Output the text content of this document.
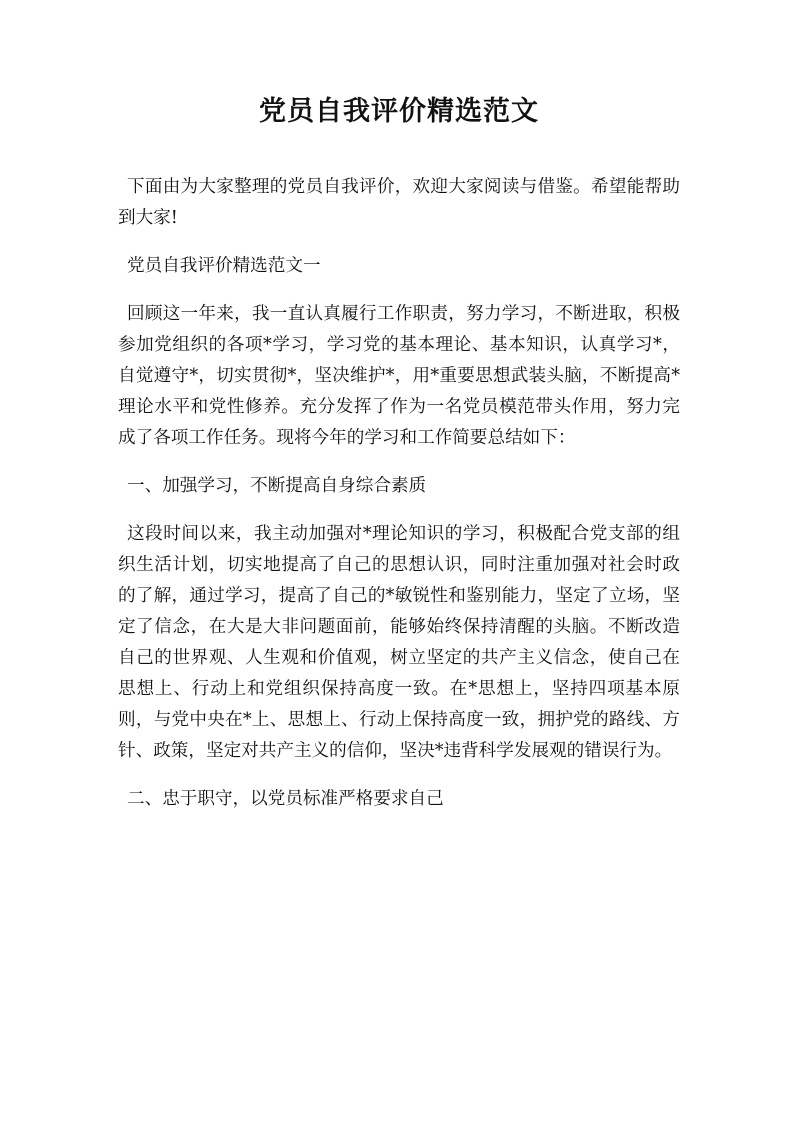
党员自我评价精选范文

下面由为大家整理的党员自我评价，欢迎大家阅读与借鉴。希望能帮助到大家!

党员自我评价精选范文一

回顾这一年来，我一直认真履行工作职责，努力学习，不断进取，积极参加党组织的各项*学习，学习党的基本理论、基本知识，认真学习*，自觉遵守*，切实贯彻*，坚决维护*，用*重要思想武装头脑，不断提高*理论水平和党性修养。充分发挥了作为一名党员模范带头作用，努力完成了各项工作任务。现将今年的学习和工作简要总结如下：

一、加强学习，不断提高自身综合素质

这段时间以来，我主动加强对*理论知识的学习，积极配合党支部的组织生活计划，切实地提高了自己的思想认识，同时注重加强对社会时政的了解，通过学习，提高了自己的*敏锐性和鉴别能力，坚定了立场，坚定了信念，在大是大非问题面前，能够始终保持清醒的头脑。不断改造自己的世界观、人生观和价值观，树立坚定的共产主义信念，使自己在思想上、行动上和党组织保持高度一致。在*思想上，坚持四项基本原则，与党中央在*上、思想上、行动上保持高度一致，拥护党的路线、方针、政策，坚定对共产主义的信仰，坚决*违背科学发展观的错误行为。

二、忠于职守，以党员标准严格要求自己
